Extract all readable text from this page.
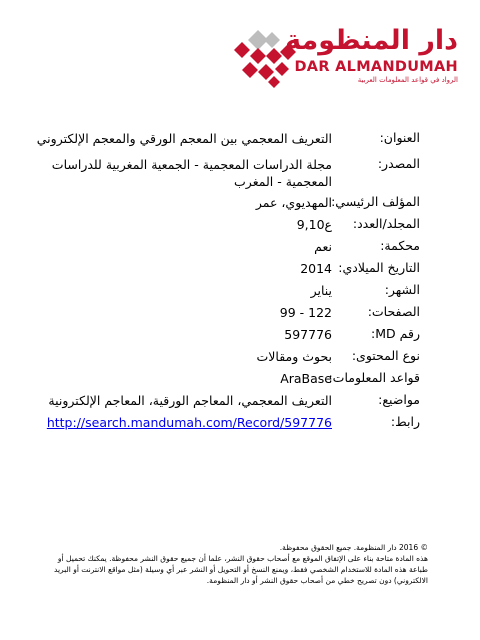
دار المنظومة
DAR ALMANDUMAH
الرواد في قواعد المعلومات العربية
العنوان:
التعريف المعجمي بين المعجم الورقي والمعجم الإلكتروني
المصدر:
مجلة الدراسات المعجمية - الجمعية المغربية للدراسات المعجمية - المغرب
المؤلف الرئيسي:
المهديوي، عمر
المجلد/العدد:
ع9,10
محكمة:
نعم
التاريخ الميلادي:
2014
الشهر:
يناير
الصفحات:
99 - 122
رقم MD:
597776
نوع المحتوى:
بحوث ومقالات
قواعد المعلومات:
AraBase
مواضيع:
التعريف المعجمي، المعاجم الورقية، المعاجم الإلكترونية
رابط:
http://search.mandumah.com/Record/597776
© 2016 دار المنظومة. جميع الحقوق محفوظة.
هذه المادة متاحة بناء على الإتفاق الموقع مع أصحاب حقوق النشر، علما أن جميع حقوق النشر محفوظة. يمكنك تحميل أو طباعة هذه المادة للاستخدام الشخصي فقط، ويمنع النسخ أو التحويل أو النشر عبر أي وسيلة (مثل مواقع الانترنت أو البريد الالكتروني) دون تصريح خطي من أصحاب حقوق النشر أو دار المنظومة.
